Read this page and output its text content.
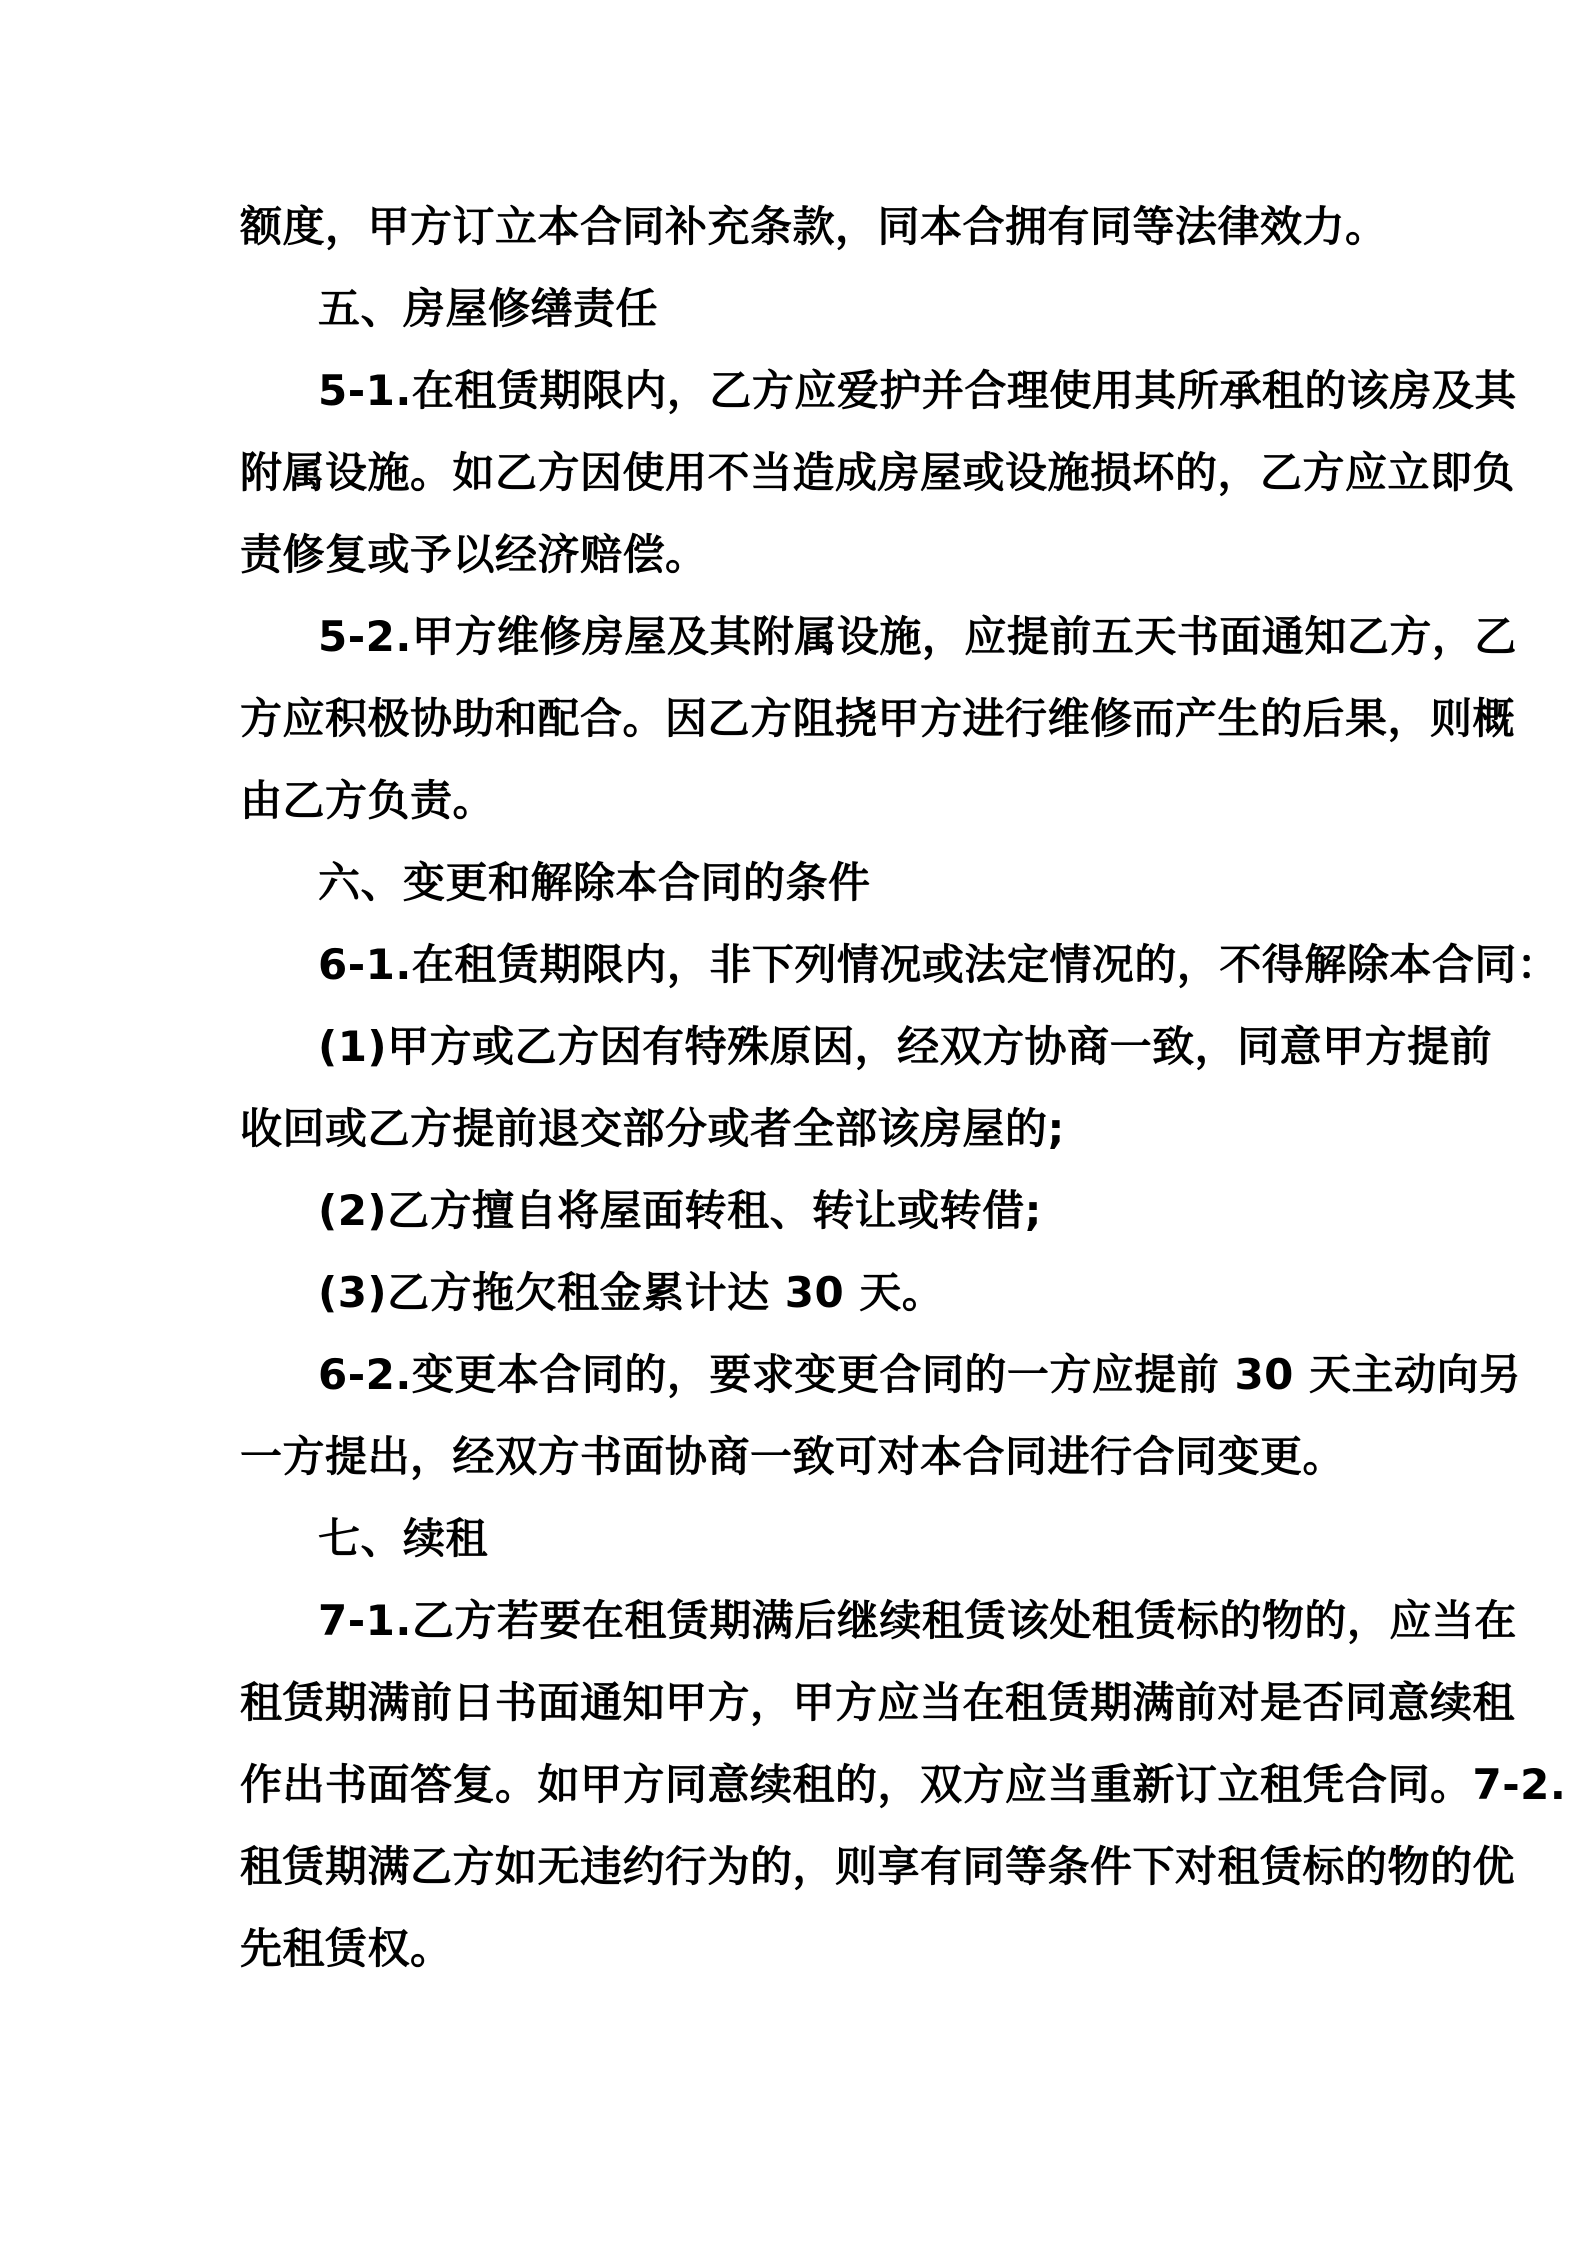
额度，甲方订立本合同补充条款，同本合拥有同等法律效力。

五、房屋修缮责任

5-1.在租赁期限内，乙方应爱护并合理使用其所承租的该房及其
附属设施。如乙方因使用不当造成房屋或设施损坏的，乙方应立即负
责修复或予以经济赔偿。

5-2.甲方维修房屋及其附属设施，应提前五天书面通知乙方，乙
方应积极协助和配合。因乙方阻挠甲方进行维修而产生的后果，则概
由乙方负责。

六、变更和解除本合同的条件

6-1.在租赁期限内，非下列情况或法定情况的，不得解除本合同：

(1)甲方或乙方因有特殊原因，经双方协商一致，同意甲方提前
收回或乙方提前退交部分或者全部该房屋的;

(2)乙方擅自将屋面转租、转让或转借;

(3)乙方拖欠租金累计达 30 天。

6-2.变更本合同的，要求变更合同的一方应提前 30 天主动向另
一方提出，经双方书面协商一致可对本合同进行合同变更。

七、续租

7-1.乙方若要在租赁期满后继续租赁该处租赁标的物的，应当在
租赁期满前日书面通知甲方，甲方应当在租赁期满前对是否同意续租
作出书面答复。如甲方同意续租的，双方应当重新订立租凭合同。7-2.
租赁期满乙方如无违约行为的，则享有同等条件下对租赁标的物的优
先租赁权。
